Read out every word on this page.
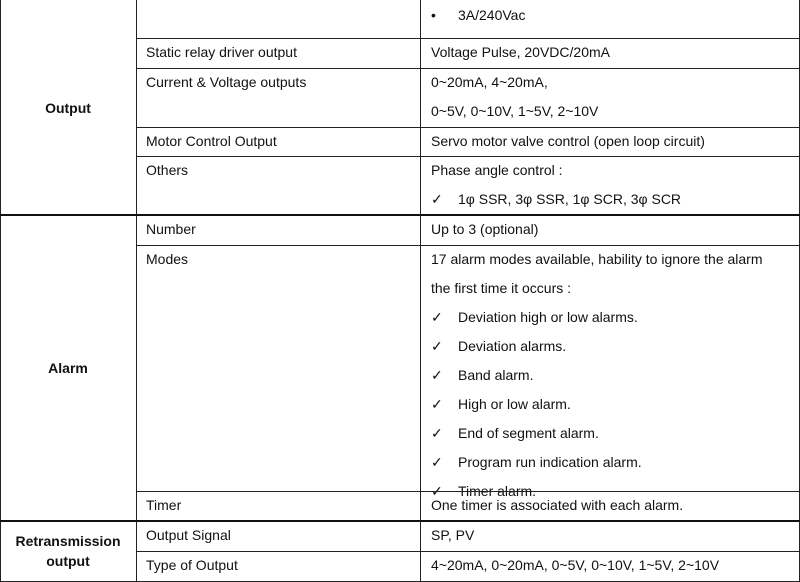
Output
• 3A/240Vac
Static relay driver output	Voltage Pulse, 20VDC/20mA
Current & Voltage outputs	0~20mA, 4~20mA,
0~5V, 0~10V, 1~5V, 2~10V
Motor Control Output	Servo motor valve control (open loop circuit)
Others	Phase angle control :
✓ 1φ SSR, 3φ SSR, 1φ SCR, 3φ SCR
Alarm
Number	Up to 3 (optional)
Modes	17 alarm modes available, hability to ignore the alarm
the first time it occurs :
✓ Deviation high or low alarms.
✓ Deviation alarms.
✓ Band alarm.
✓ High or low alarm.
✓ End of segment alarm.
✓ Program run indication alarm.
✓ Timer alarm.
Timer	One timer is associated with each alarm.
Retransmission
output
Output Signal	SP, PV
Type of Output	4~20mA, 0~20mA, 0~5V, 0~10V, 1~5V, 2~10V
